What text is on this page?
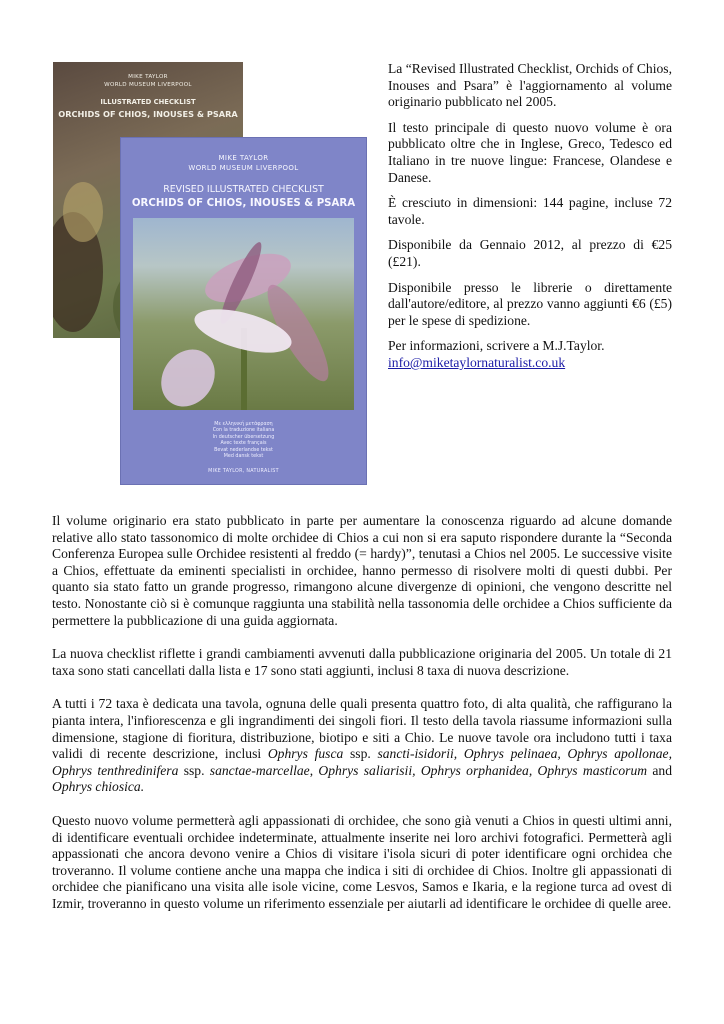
MIKE TAYLOR
WORLD MUSEUM LIVERPOOL
ILLUSTRATED CHECKLIST
ORCHIDS OF CHIOS, INOUSES & PSARA
MIKE TAYLOR
WORLD MUSEUM LIVERPOOL
REVISED ILLUSTRATED CHECKLIST
ORCHIDS OF CHIOS, INOUSES & PSARA
Με ελληνική μετάφραση
Con la traduzione italiana
In deutscher übersetzung
Avec texte français
Bevat nederlandse tekst
Med dansk tekst
MIKE TAYLOR, NATURALIST

La “Revised Illustrated Checklist, Orchids of Chios, Inouses and Psara” è l'aggiornamento al volume originario pubblicato nel 2005.

Il testo principale di questo nuovo volume è ora pubblicato oltre che in Inglese, Greco, Tedesco ed Italiano in tre nuove lingue: Francese, Olandese e Danese.

È cresciuto in dimensioni: 144 pagine, incluse 72 tavole.

Disponibile da Gennaio 2012, al prezzo di €25 (£21).

Disponibile presso le librerie o direttamente dall'autore/editore, al prezzo vanno aggiunti €6 (£5) per le spese di spedizione.

Per informazioni, scrivere a M.J.Taylor.
info@miketaylornaturalist.co.uk

Il volume originario era stato pubblicato in parte per aumentare la conoscenza riguardo ad alcune domande relative allo stato tassonomico di molte orchidee di Chios a cui non si era saputo rispondere durante la “Seconda Conferenza Europea sulle Orchidee resistenti al freddo (= hardy)”, tenutasi a Chios nel 2005. Le successive visite a Chios, effettuate da eminenti specialisti in orchidee, hanno permesso di risolvere molti di questi dubbi. Per quanto sia stato fatto un grande progresso, rimangono alcune divergenze di opinioni, che vengono descritte nel testo. Nonostante ciò si è comunque raggiunta una stabilità nella tassonomia delle orchidee a Chios sufficiente da permettere la pubblicazione di una guida aggiornata.

La nuova checklist riflette i grandi cambiamenti avvenuti dalla pubblicazione originaria del 2005. Un totale di 21 taxa sono stati cancellati dalla lista e 17 sono stati aggiunti, inclusi 8 taxa di nuova descrizione.

A tutti i 72 taxa è dedicata una tavola, ognuna delle quali presenta quattro foto, di alta qualità, che raffigurano la pianta intera, l'infiorescenza e gli ingrandimenti dei singoli fiori. Il testo della tavola riassume informazioni sulla dimensione, stagione di fioritura, distribuzione, biotipo e siti a Chio. Le nuove tavole ora includono tutti i taxa validi di recente descrizione, inclusi Ophrys fusca ssp. sancti-isidorii, Ophrys pelinaea, Ophrys apollonae, Ophrys tenthredinifera ssp. sanctae-marcellae, Ophrys saliarisii, Ophrys orphanidea, Ophrys masticorum and Ophrys chiosica.

Questo nuovo volume permetterà agli appassionati di orchidee, che sono già venuti a Chios in questi ultimi anni, di identificare eventuali orchidee indeterminate, attualmente inserite nei loro archivi fotografici. Permetterà agli appassionati che ancora devono venire a Chios di visitare i'isola sicuri di poter identificare ogni orchidea che troveranno. Il volume contiene anche una mappa che indica i siti di orchidee di Chios. Inoltre gli appassionati di orchidee che pianificano una visita alle isole vicine, come Lesvos, Samos e Ikaria, e la regione turca ad ovest di Izmir, troveranno in questo volume un riferimento essenziale per aiutarli ad identificare le orchidee di quelle aree.
